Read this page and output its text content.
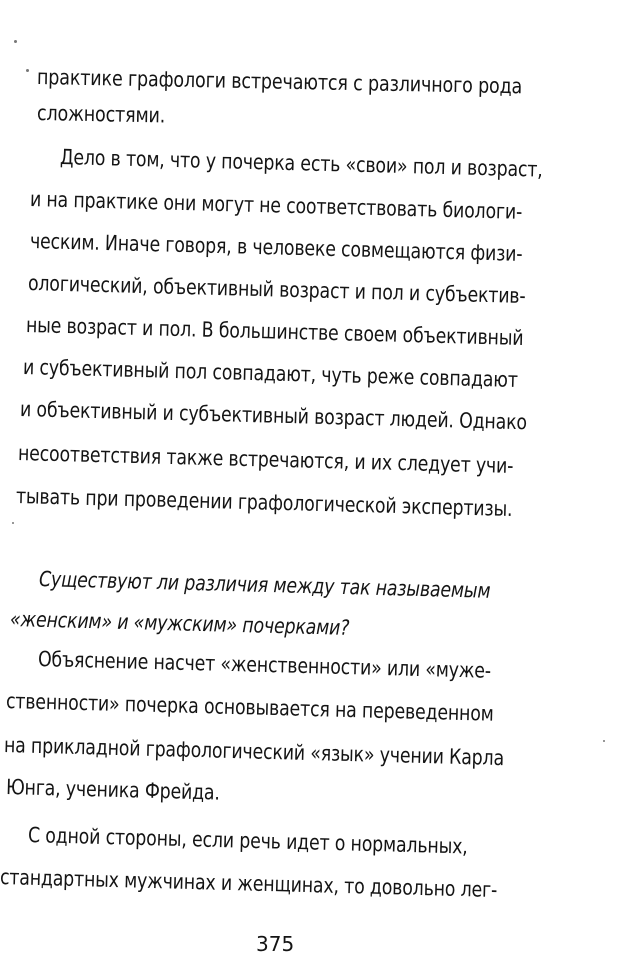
практике графологи встречаются с различного рода
сложностями.
Дело в том, что у почерка есть «свои» пол и возраст,
и на практике они могут не соответствовать биологи-
ческим. Иначе говоря, в человеке совмещаются физи-
ологический, объективный возраст и пол и субъектив-
ные возраст и пол. В большинстве своем объективный
и субъективный пол совпадают, чуть реже совпадают
и объективный и субъективный возраст людей. Однако
несоответствия также встречаются, и их следует учи-
тывать при проведении графологической экспертизы.
Существуют ли различия между так называемым
«женским» и «мужским» почерками?
Объяснение насчет «женственности» или «муже-
ственности» почерка основывается на переведенном
на прикладной графологический «язык» учении Карла
Юнга, ученика Фрейда.
С одной стороны, если речь идет о нормальных,
стандартных мужчинах и женщинах, то довольно лег-
375
